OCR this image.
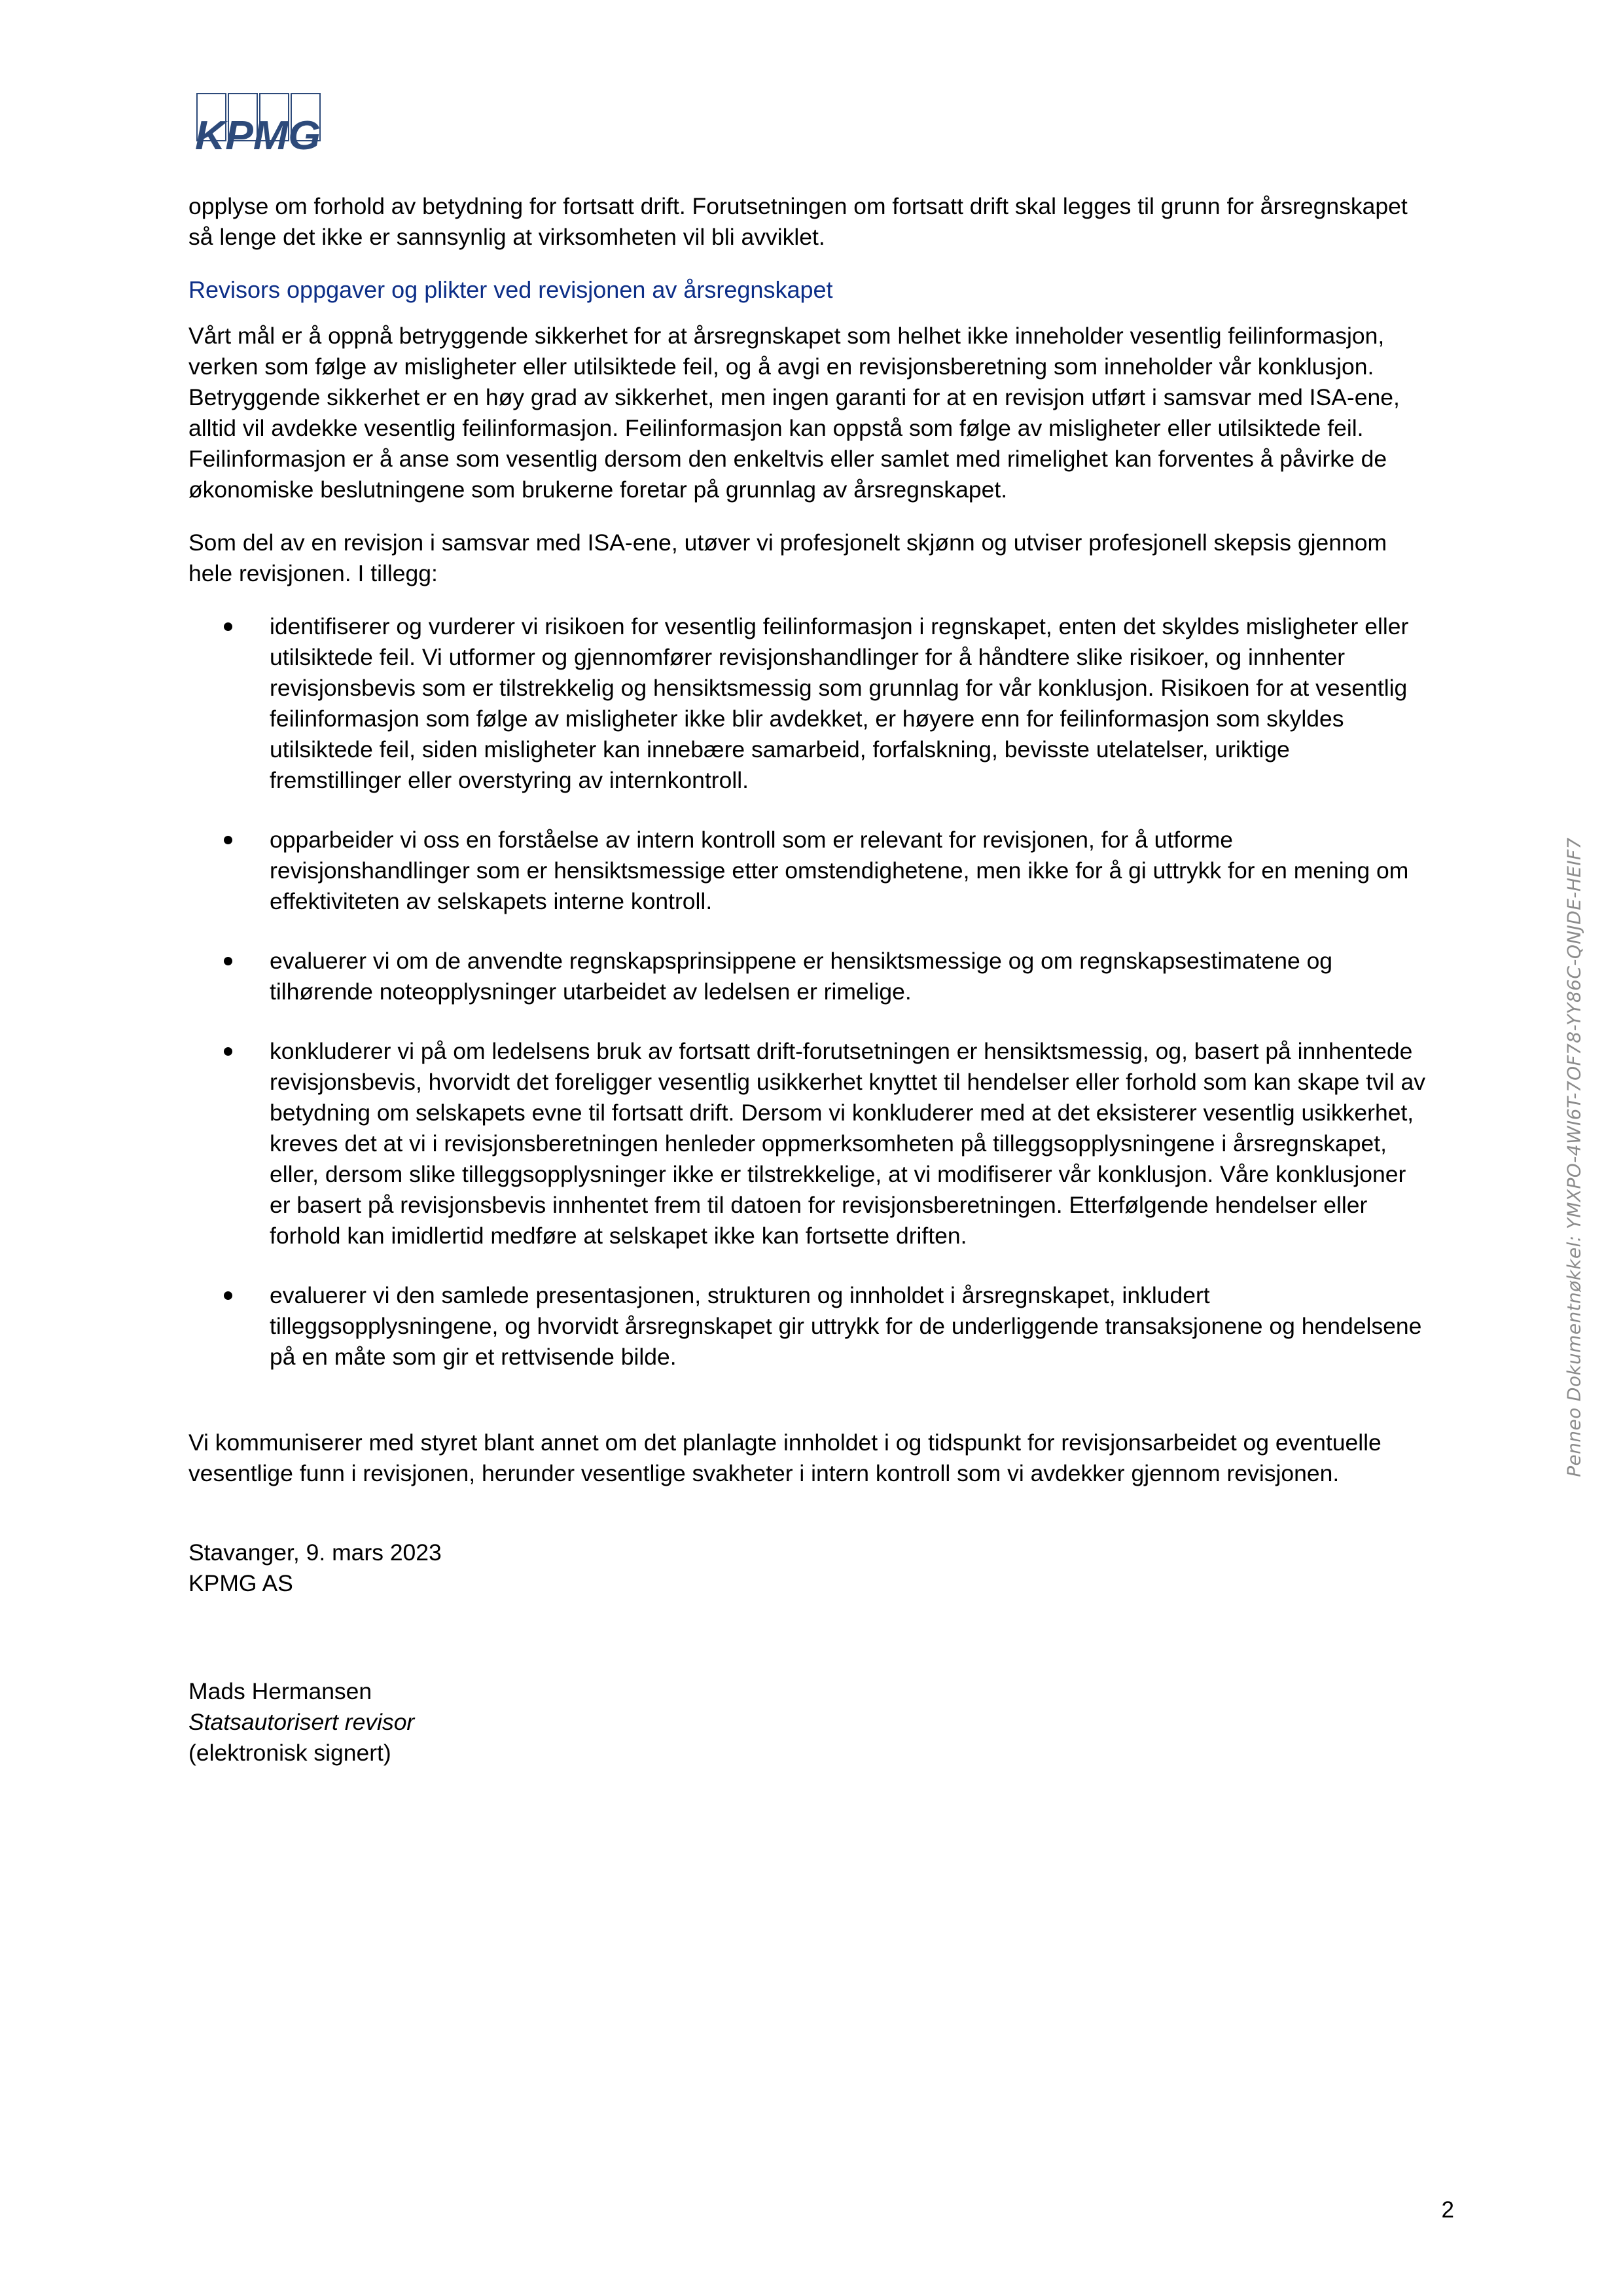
KPMG

opplyse om forhold av betydning for fortsatt drift. Forutsetningen om fortsatt drift skal legges til grunn for årsregnskapet så lenge det ikke er sannsynlig at virksomheten vil bli avviklet.

Revisors oppgaver og plikter ved revisjonen av årsregnskapet

Vårt mål er å oppnå betryggende sikkerhet for at årsregnskapet som helhet ikke inneholder vesentlig feilinformasjon, verken som følge av misligheter eller utilsiktede feil, og å avgi en revisjonsberetning som inneholder vår konklusjon. Betryggende sikkerhet er en høy grad av sikkerhet, men ingen garanti for at en revisjon utført i samsvar med ISA-ene, alltid vil avdekke vesentlig feilinformasjon. Feilinformasjon kan oppstå som følge av misligheter eller utilsiktede feil. Feilinformasjon er å anse som vesentlig dersom den enkeltvis eller samlet med rimelighet kan forventes å påvirke de økonomiske beslutningene som brukerne foretar på grunnlag av årsregnskapet.

Som del av en revisjon i samsvar med ISA-ene, utøver vi profesjonelt skjønn og utviser profesjonell skepsis gjennom hele revisjonen. I tillegg:

identifiserer og vurderer vi risikoen for vesentlig feilinformasjon i regnskapet, enten det skyldes misligheter eller utilsiktede feil. Vi utformer og gjennomfører revisjonshandlinger for å håndtere slike risikoer, og innhenter revisjonsbevis som er tilstrekkelig og hensiktsmessig som grunnlag for vår konklusjon. Risikoen for at vesentlig feilinformasjon som følge av misligheter ikke blir avdekket, er høyere enn for feilinformasjon som skyldes utilsiktede feil, siden misligheter kan innebære samarbeid, forfalskning, bevisste utelatelser, uriktige fremstillinger eller overstyring av internkontroll.
opparbeider vi oss en forståelse av intern kontroll som er relevant for revisjonen, for å utforme revisjonshandlinger som er hensiktsmessige etter omstendighetene, men ikke for å gi uttrykk for en mening om effektiviteten av selskapets interne kontroll.
evaluerer vi om de anvendte regnskapsprinsippene er hensiktsmessige og om regnskapsestimatene og tilhørende noteopplysninger utarbeidet av ledelsen er rimelige.
konkluderer vi på om ledelsens bruk av fortsatt drift-forutsetningen er hensiktsmessig, og, basert på innhentede revisjonsbevis, hvorvidt det foreligger vesentlig usikkerhet knyttet til hendelser eller forhold som kan skape tvil av betydning om selskapets evne til fortsatt drift. Dersom vi konkluderer med at det eksisterer vesentlig usikkerhet, kreves det at vi i revisjonsberetningen henleder oppmerksomheten på tilleggsopplysningene i årsregnskapet, eller, dersom slike tilleggsopplysninger ikke er tilstrekkelige, at vi modifiserer vår konklusjon. Våre konklusjoner er basert på revisjonsbevis innhentet frem til datoen for revisjonsberetningen. Etterfølgende hendelser eller forhold kan imidlertid medføre at selskapet ikke kan fortsette driften.
evaluerer vi den samlede presentasjonen, strukturen og innholdet i årsregnskapet, inkludert tilleggsopplysningene, og hvorvidt årsregnskapet gir uttrykk for de underliggende transaksjonene og hendelsene på en måte som gir et rettvisende bilde.

Vi kommuniserer med styret blant annet om det planlagte innholdet i og tidspunkt for revisjonsarbeidet og eventuelle vesentlige funn i revisjonen, herunder vesentlige svakheter i intern kontroll som vi avdekker gjennom revisjonen.

Stavanger, 9. mars 2023
KPMG AS
Mads Hermansen
Statsautorisert revisor
(elektronisk signert)
Penneo Dokumentnøkkel: YMXPO-4WI6T-7OF78-YY86C-QNJDE-HEIF7
2
